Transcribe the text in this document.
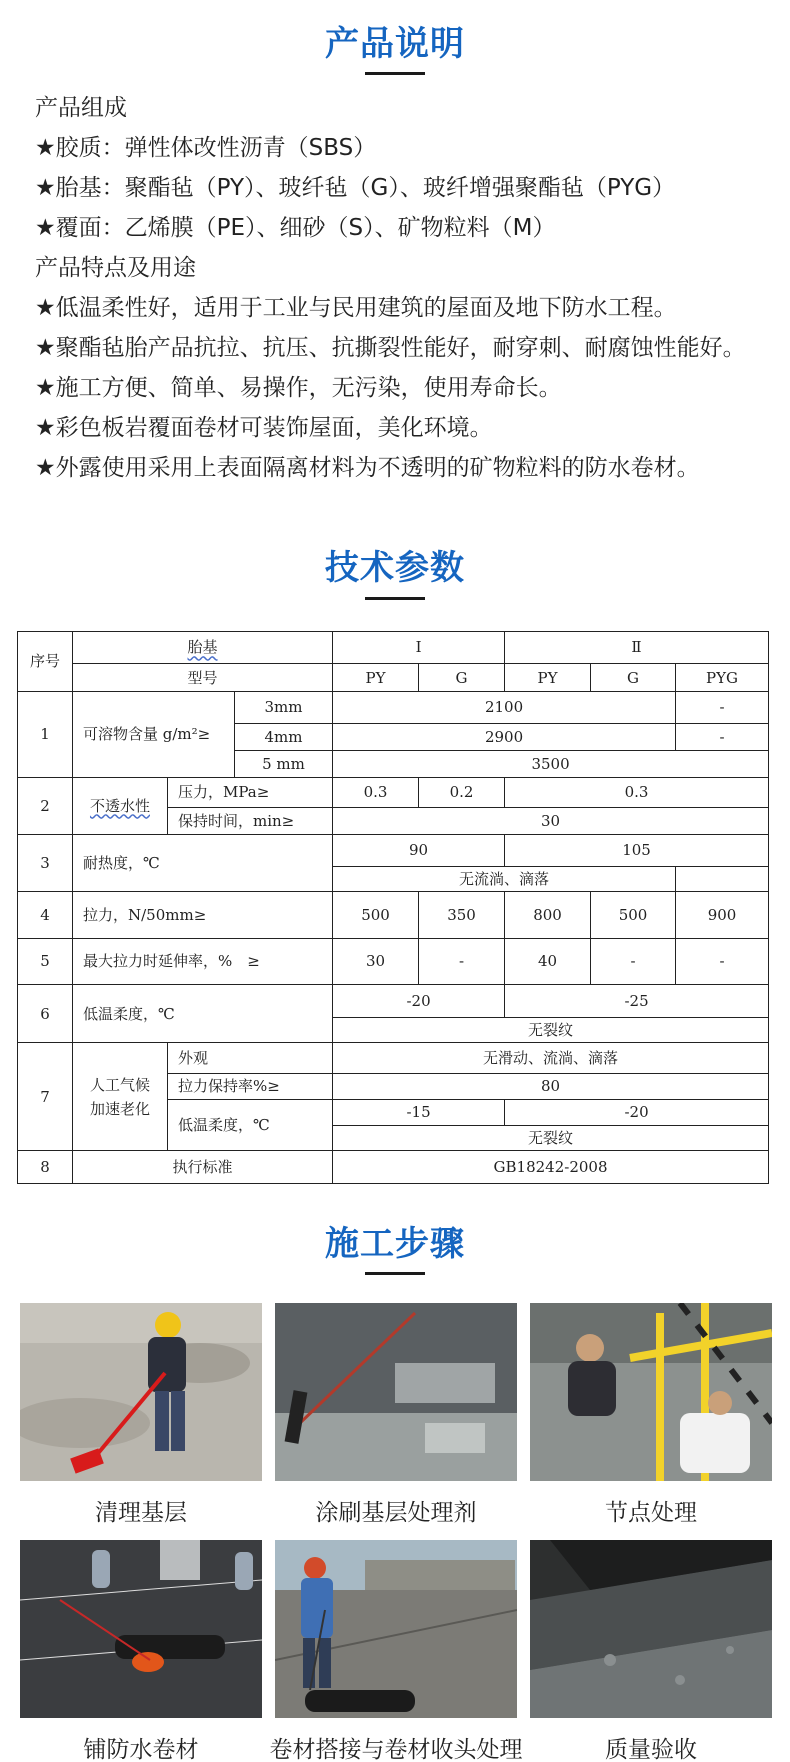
产品说明
产品组成
★胶质：弹性体改性沥青（SBS）
★胎基：聚酯毡（PY）、玻纤毡（G）、玻纤增强聚酯毡（PYG）
★覆面：乙烯膜（PE）、细砂（S）、矿物粒料（M）
产品特点及用途
★低温柔性好，适用于工业与民用建筑的屋面及地下防水工程。
★聚酯毡胎产品抗拉、抗压、抗撕裂性能好，耐穿刺、耐腐蚀性能好。
★施工方便、简单、易操作，无污染，使用寿命长。
★彩色板岩覆面卷材可装饰屋面，美化环境。
★外露使用采用上表面隔离材料为不透明的矿物粒料的防水卷材。
技术参数
序号	胎基			Ⅰ		Ⅱ		
	型号			PY	G	PY	G	PYG
1	可溶物含量 g/m²≥		3mm	2100				-
			4mm	2900				-
			5 mm	3500				
2	不透水性	压力，MPa≥		0.3	0.2	0.3		
		保持时间，min≥		30				
3	耐热度，℃			90		105		
				无流淌、滴落				
4	拉力，N/50mm≥			500	350	800	500	900
5	最大拉力时延伸率，%　≥			30	-	40	-	-
6	低温柔度，℃			-20		-25		
				无裂纹				
7	人工气候加速老化	外观		无滑动、流淌、滴落				
		拉力保持率%≥		80				
		低温柔度，℃		-15		-20		
				无裂纹				
8	执行标准			GB18242-2008				
施工步骤
清理基层	涂刷基层处理剂	节点处理
铺防水卷材	卷材搭接与卷材收头处理	质量验收
